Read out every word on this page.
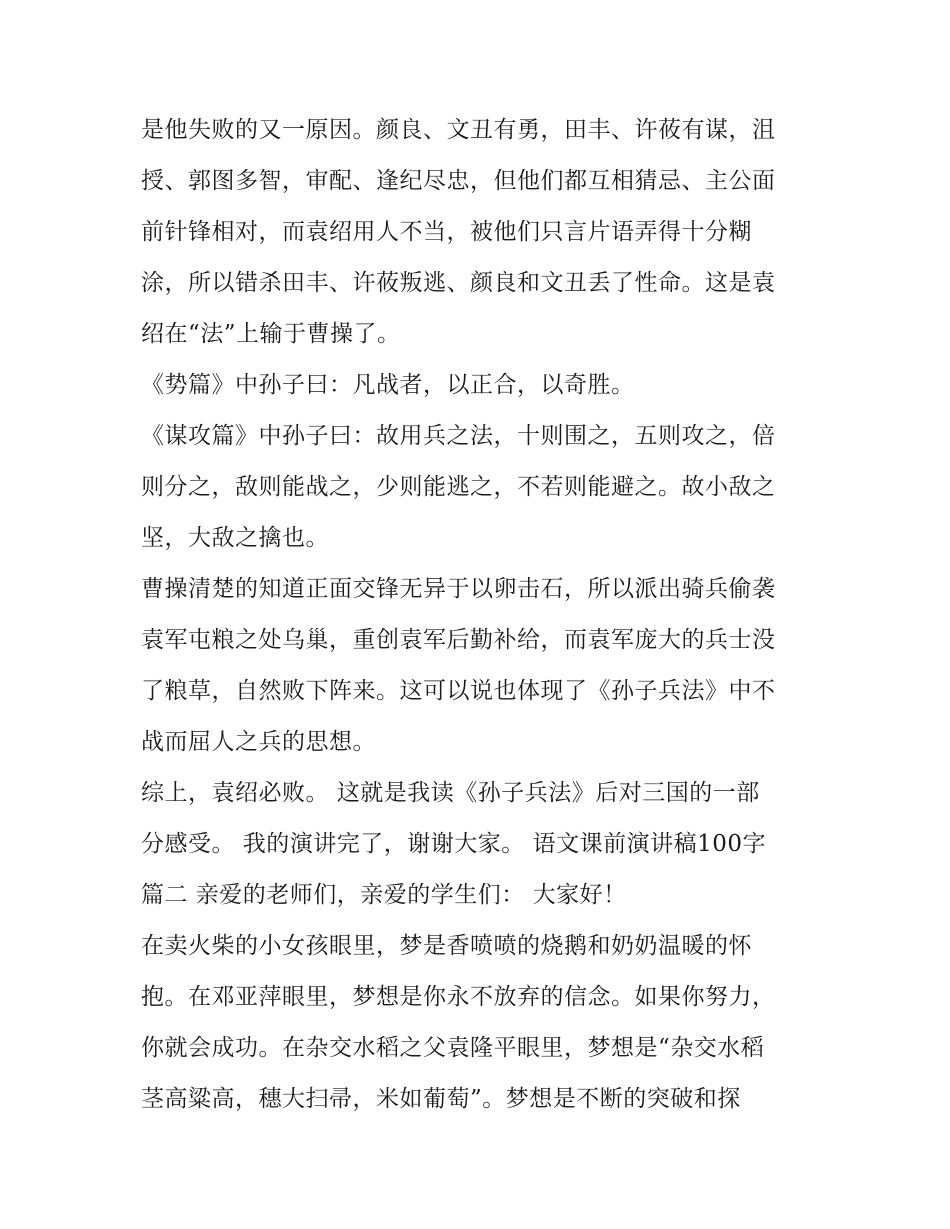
是他失败的又一原因。颜良、文丑有勇，田丰、许莜有谋，沮
授、郭图多智，审配、逢纪尽忠，但他们都互相猜忌、主公面
前针锋相对，而袁绍用人不当，被他们只言片语弄得十分糊
涂，所以错杀田丰、许莜叛逃、颜良和文丑丢了性命。这是袁
绍在“法”上输于曹操了。
《势篇》中孙子曰：凡战者，以正合，以奇胜。
《谋攻篇》中孙子曰：故用兵之法，十则围之，五则攻之，倍
则分之，敌则能战之，少则能逃之，不若则能避之。故小敌之
坚，大敌之擒也。
曹操清楚的知道正面交锋无异于以卵击石，所以派出骑兵偷袭
袁军屯粮之处乌巢，重创袁军后勤补给，而袁军庞大的兵士没
了粮草，自然败下阵来。这可以说也体现了《孙子兵法》中不
战而屈人之兵的思想。
综上，袁绍必败。 这就是我读《孙子兵法》后对三国的一部
分感受。 我的演讲完了，谢谢大家。 语文课前演讲稿100字
篇二 亲爱的老师们，亲爱的学生们： 大家好！
在卖火柴的小女孩眼里，梦是香喷喷的烧鹅和奶奶温暖的怀
抱。在邓亚萍眼里，梦想是你永不放弃的信念。如果你努力，
你就会成功。在杂交水稻之父袁隆平眼里，梦想是“杂交水稻
茎高粱高，穗大扫帚，米如葡萄”。梦想是不断的突破和探
